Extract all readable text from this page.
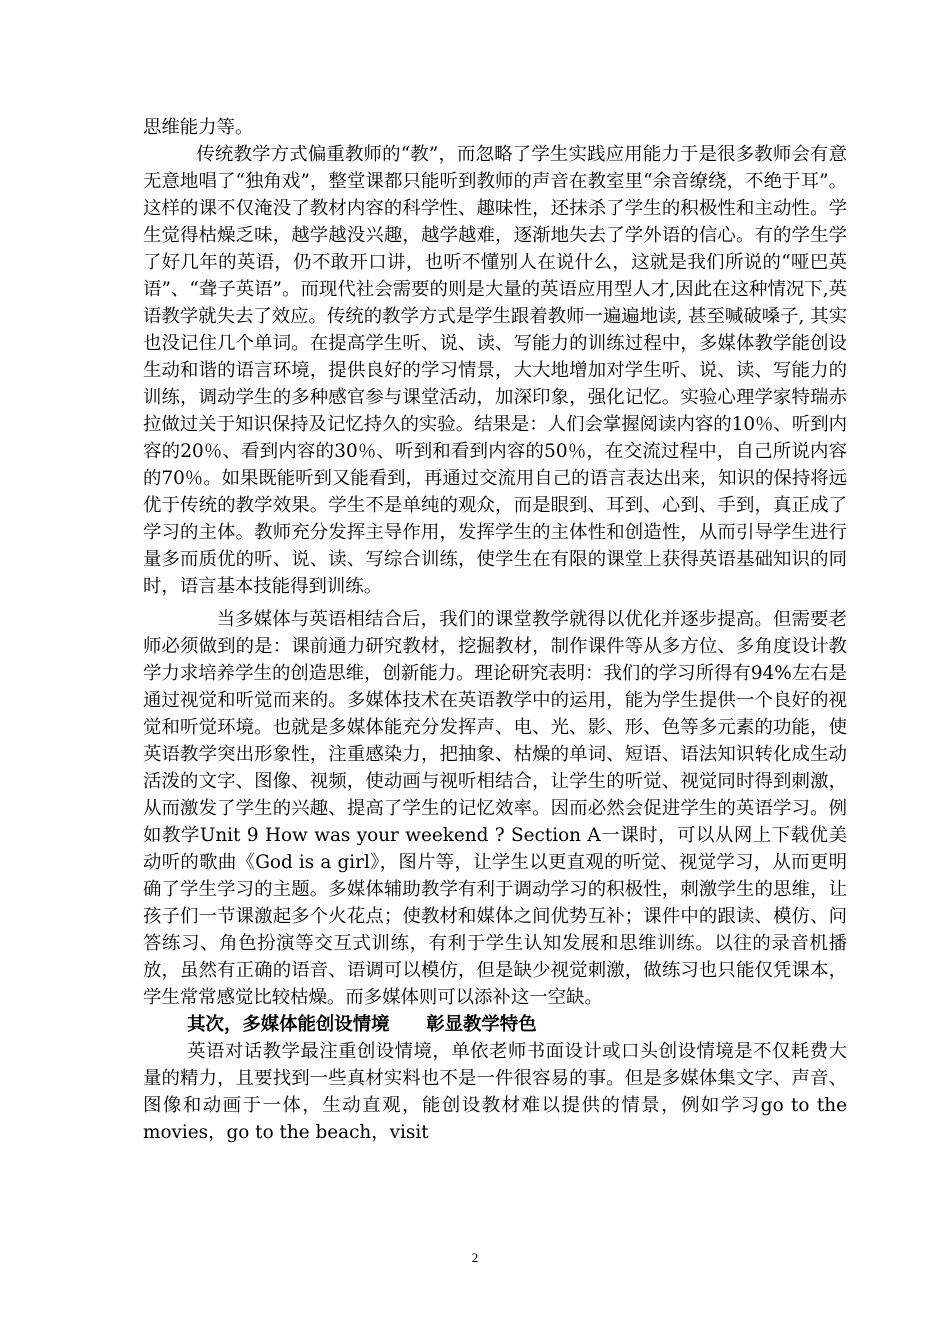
思维能力等。

传统教学方式偏重教师的“教”，而忽略了学生实践应用能力于是很多教师会有意无意地唱了“独角戏”，整堂课都只能听到教师的声音在教室里“余音缭绕，不绝于耳”。这样的课不仅淹没了教材内容的科学性、趣味性，还抹杀了学生的积极性和主动性。学生觉得枯燥乏味，越学越没兴趣，越学越难，逐渐地失去了学外语的信心。有的学生学了好几年的英语，仍不敢开口讲，也听不懂别人在说什么，这就是我们所说的“哑巴英语”、“聋子英语”。而现代社会需要的则是大量的英语应用型人才,因此在这种情况下,英语教学就失去了效应。传统的教学方式是学生跟着教师一遍遍地读, 甚至喊破嗓子, 其实也没记住几个单词。在提高学生听、说、读、写能力的训练过程中，多媒体教学能创设生动和谐的语言环境，提供良好的学习情景，大大地增加对学生听、说、读、写能力的训练，调动学生的多种感官参与课堂活动，加深印象，强化记忆。实验心理学家特瑞赤拉做过关于知识保持及记忆持久的实验。结果是：人们会掌握阅读内容的10％、听到内容的20％、看到内容的30％、听到和看到内容的50％，在交流过程中，自己所说内容的70％。如果既能听到又能看到，再通过交流用自己的语言表达出来，知识的保持将远优于传统的教学效果。学生不是单纯的观众，而是眼到、耳到、心到、手到，真正成了学习的主体。教师充分发挥主导作用，发挥学生的主体性和创造性，从而引导学生进行量多而质优的听、说、读、写综合训练，使学生在有限的课堂上获得英语基础知识的同时，语言基本技能得到训练。

当多媒体与英语相结合后，我们的课堂教学就得以优化并逐步提高。但需要老师必须做到的是：课前通力研究教材，挖掘教材，制作课件等从多方位、多角度设计教学力求培养学生的创造思维，创新能力。理论研究表明：我们的学习所得有94%左右是通过视觉和听觉而来的。多媒体技术在英语教学中的运用，能为学生提供一个良好的视觉和听觉环境。也就是多媒体能充分发挥声、电、光、影、形、色等多元素的功能，使英语教学突出形象性，注重感染力，把抽象、枯燥的单词、短语、语法知识转化成生动活泼的文字、图像、视频，使动画与视听相结合，让学生的听觉、视觉同时得到刺激，从而激发了学生的兴趣、提高了学生的记忆效率。因而必然会促进学生的英语学习。例如教学Unit 9 How was your weekend ? Section A一课时，可以从网上下载优美动听的歌曲《God is a girl》，图片等，让学生以更直观的听觉、视觉学习，从而更明确了学生学习的主题。多媒体辅助教学有利于调动学习的积极性，刺激学生的思维，让孩子们一节课激起多个火花点；使教材和媒体之间优势互补；课件中的跟读、模仿、问答练习、角色扮演等交互式训练，有利于学生认知发展和思维训练。以往的录音机播放，虽然有正确的语音、语调可以模仿，但是缺少视觉刺激，做练习也只能仅凭课本，学生常常感觉比较枯燥。而多媒体则可以添补这一空缺。

其次，多媒体能创设情境　　彰显教学特色

英语对话教学最注重创设情境，单依老师书面设计或口头创设情境是不仅耗费大量的精力，且要找到一些真材实料也不是一件很容易的事。但是多媒体集文字、声音、图像和动画于一体，生动直观，能创设教材难以提供的情景，例如学习go to the movies，go to the beach，visit

2
